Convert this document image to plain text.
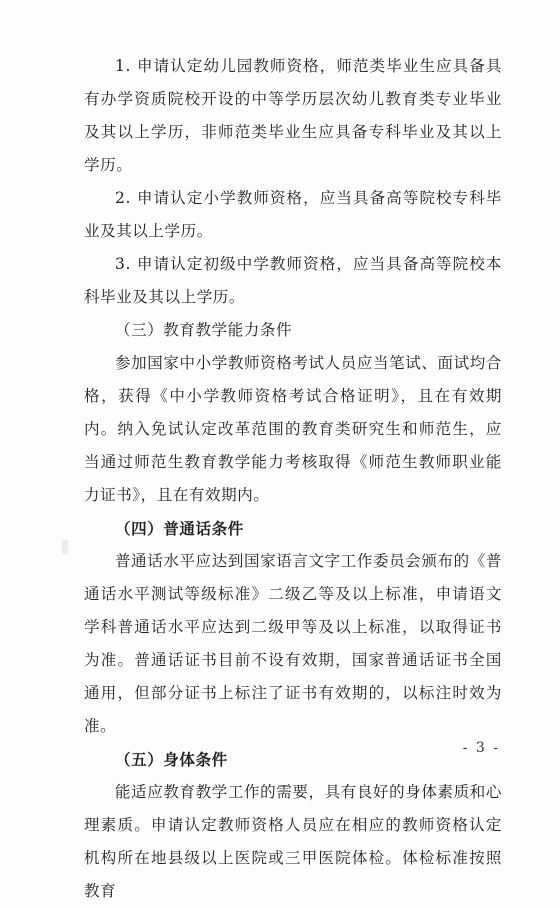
1. 申请认定幼儿园教师资格，师范类毕业生应具备具有办学资质院校开设的中等学历层次幼儿教育类专业毕业及其以上学历，非师范类毕业生应具备专科毕业及其以上学历。

2. 申请认定小学教师资格，应当具备高等院校专科毕业及其以上学历。

3. 申请认定初级中学教师资格，应当具备高等院校本科毕业及其以上学历。

（三）教育教学能力条件

参加国家中小学教师资格考试人员应当笔试、面试均合格，获得《中小学教师资格考试合格证明》，且在有效期内。纳入免试认定改革范围的教育类研究生和师范生，应当通过师范生教育教学能力考核取得《师范生教师职业能力证书》，且在有效期内。

（四）普通话条件

普通话水平应达到国家语言文字工作委员会颁布的《普通话水平测试等级标准》二级乙等及以上标准，申请语文学科普通话水平应达到二级甲等及以上标准，以取得证书为准。普通话证书目前不设有效期，国家普通话证书全国通用，但部分证书上标注了证书有效期的，以标注时效为准。

（五）身体条件

能适应教育教学工作的需要，具有良好的身体素质和心理素质。申请认定教师资格人员应在相应的教师资格认定机构所在地县级以上医院或三甲医院体检。体检标准按照教育

- 3 -
